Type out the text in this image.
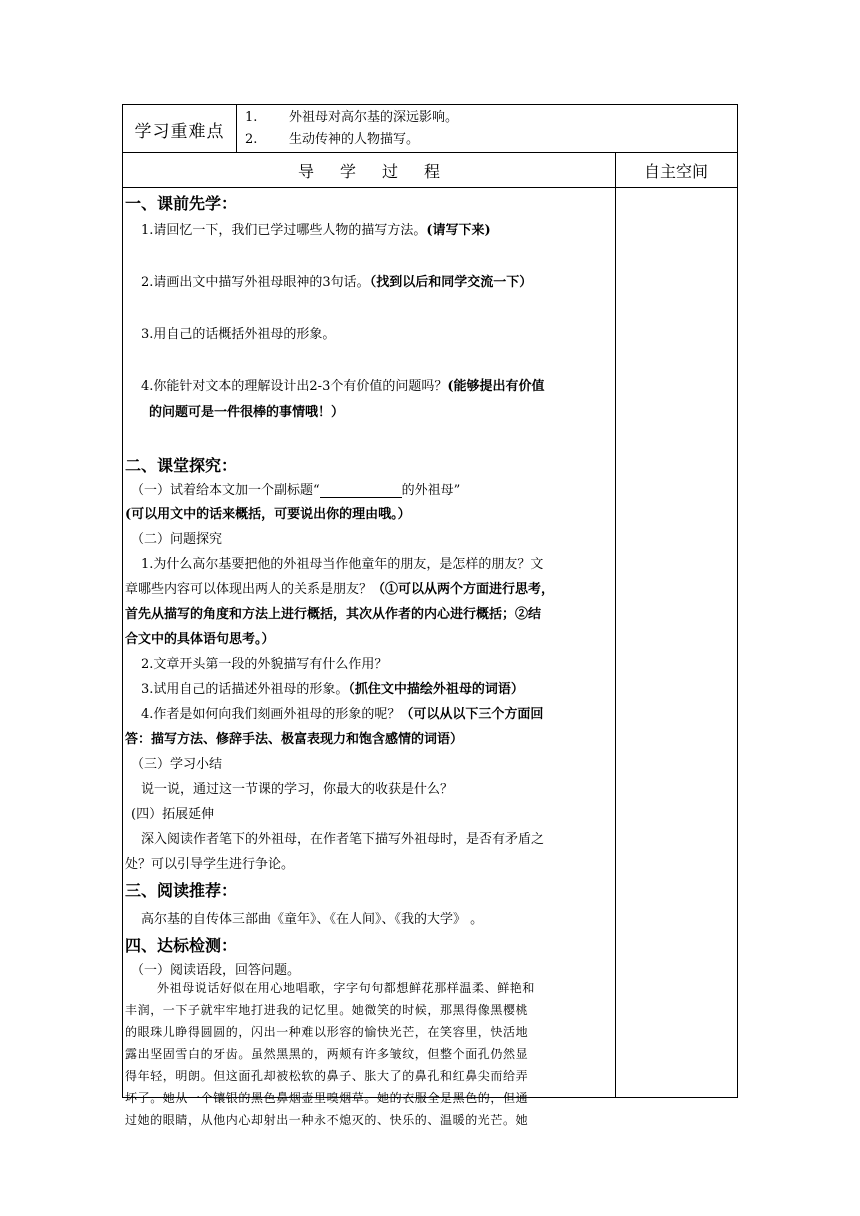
学习重难点
1. 外祖母对高尔基的深远影响。
2. 生动传神的人物描写。
导学过程	自主空间
一、课前先学：
1.请回忆一下，我们已学过哪些人物的描写方法。(请写下来)
2.请画出文中描写外祖母眼神的3句话。（找到以后和同学交流一下）
3.用自己的话概括外祖母的形象。
4.你能针对文本的理解设计出2-3个有价值的问题吗？(能够提出有价值
的问题可是一件很棒的事情哦！）
二、课堂探究：
（一）试着给本文加一个副标题“	的外祖母”
(可以用文中的话来概括，可要说出你的理由哦。）
（二）问题探究
1.为什么高尔基要把他的外祖母当作他童年的朋友，是怎样的朋友？文
章哪些内容可以体现出两人的关系是朋友？（①可以从两个方面进行思考，
首先从描写的角度和方法上进行概括，其次从作者的内心进行概括；②结
合文中的具体语句思考。）
2.文章开头第一段的外貌描写有什么作用？
3.试用自己的话描述外祖母的形象。（抓住文中描绘外祖母的词语）
4.作者是如何向我们刻画外祖母的形象的呢？（可以从以下三个方面回
答：描写方法、修辞手法、极富表现力和饱含感情的词语）
（三）学习小结
说一说，通过这一节课的学习，你最大的收获是什么？
(四）拓展延伸
深入阅读作者笔下的外祖母，在作者笔下描写外祖母时，是否有矛盾之
处？可以引导学生进行争论。
三、阅读推荐：
高尔基的自传体三部曲《童年》、《在人间》、《我的大学》 。
四、达标检测：
（一）阅读语段，回答问题。
外祖母说话好似在用心地唱歌，字字句句都想鲜花那样温柔、鲜艳和
丰润，一下子就牢牢地打进我的记忆里。她微笑的时候，那黑得像黑樱桃
的眼珠儿睁得圆圆的，闪出一种难以形容的愉快光芒，在笑容里，快活地
露出坚固雪白的牙齿。虽然黑黑的，两颊有许多皱纹，但整个面孔仍然显
得年轻，明朗。但这面孔却被松软的鼻子、胀大了的鼻孔和红鼻尖而给弄
坏了。她从一个镶银的黑色鼻烟壶里嗅烟草。她的衣服全是黑色的，但通
过她的眼睛，从他内心却射出一种永不熄灭的、快乐的、温暖的光芒。她
